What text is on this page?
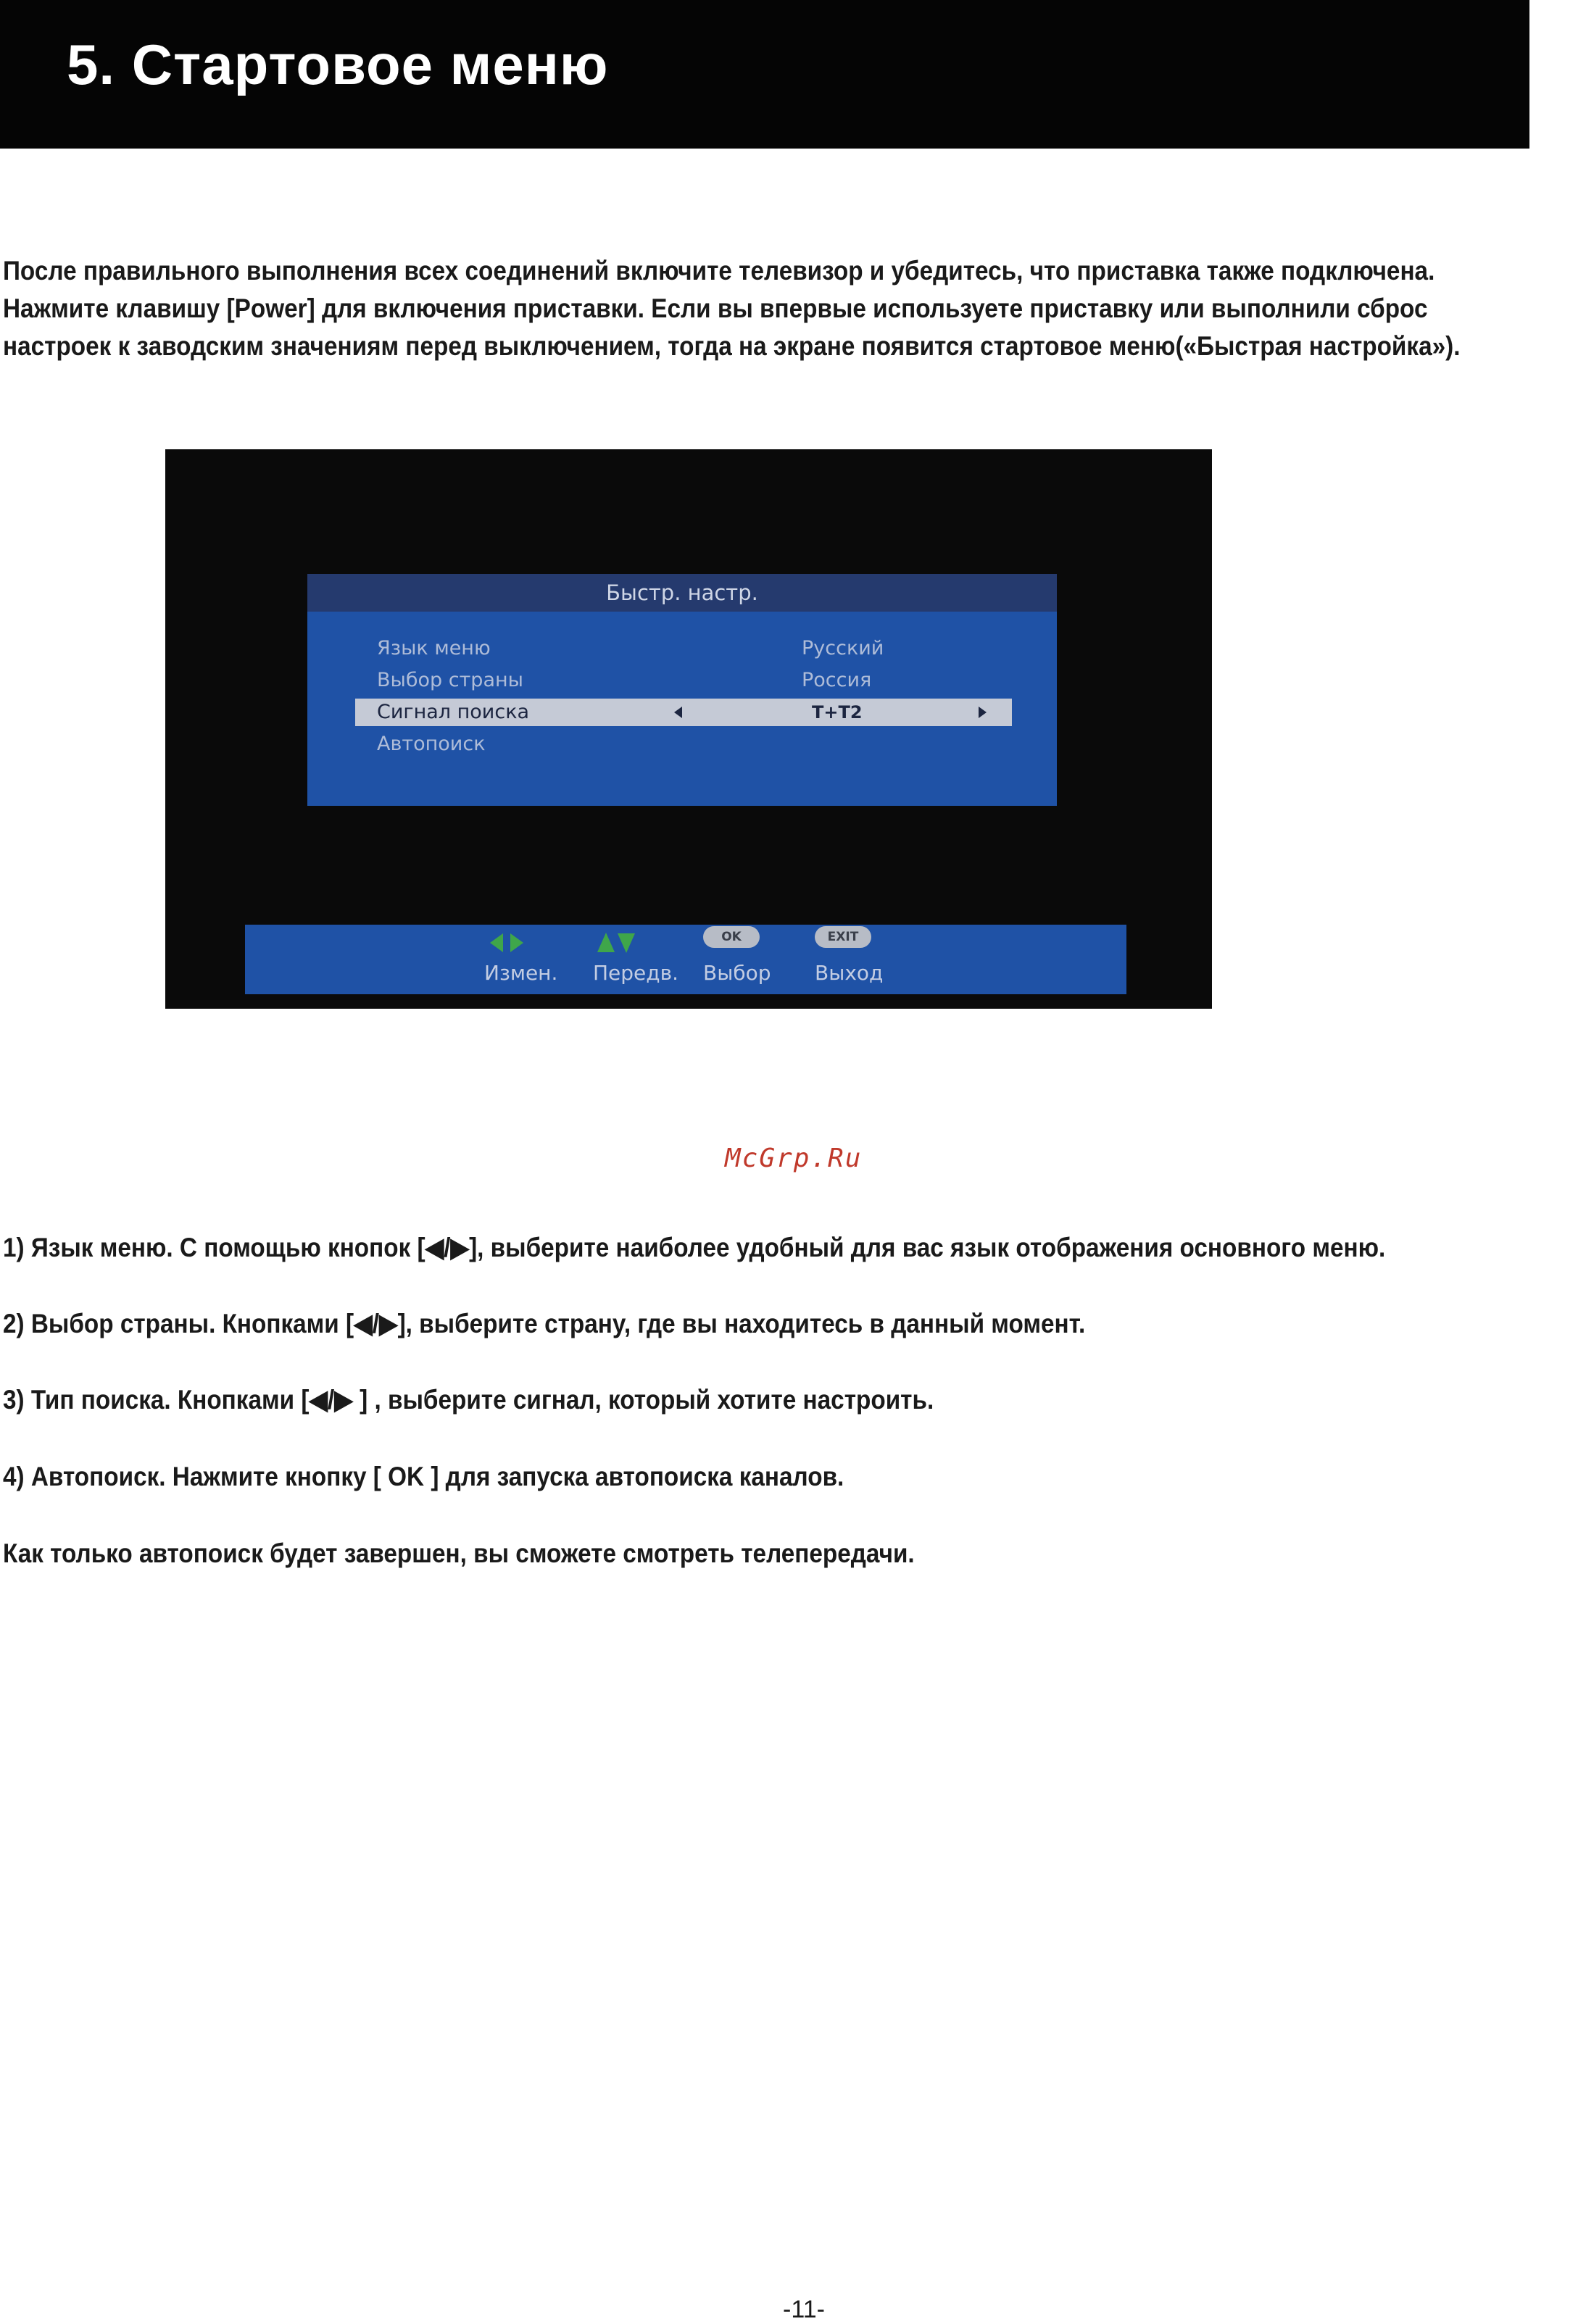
5. Стартовое меню

После правильного выполнения всех соединений включите телевизор и убедитесь, что приставка также подключена.

Нажмите клавишу [Power] для включения приставки. Если вы впервые используете приставку или выполнили сброс

настроек к заводским значениям перед выключением, тогда на экране появится стартовое меню(«Быстрая настройка»).

Быстр. настр.
Язык меню	Русский
Выбор страны	Россия
Сигнал поиска	T+T2
Автопоиск
Измен. Передв.
OK
Выбор
EXIT
Выход
McGrp.Ru
1) Язык меню. С помощью кнопок [◀/▶], выберите наиболее удобный для вас язык отображения основного меню.
2) Выбор страны. Кнопками [◀/▶], выберите страну, где вы находитесь в данный момент.
3) Тип поиска. Кнопками [◀/▶ ] , выберите сигнал, который хотите настроить.
4) Автопоиск. Нажмите кнопку [ OK ] для запуска автопоиска каналов.
Как только автопоиск будет завершен, вы сможете смотреть телепередачи.
-11-
